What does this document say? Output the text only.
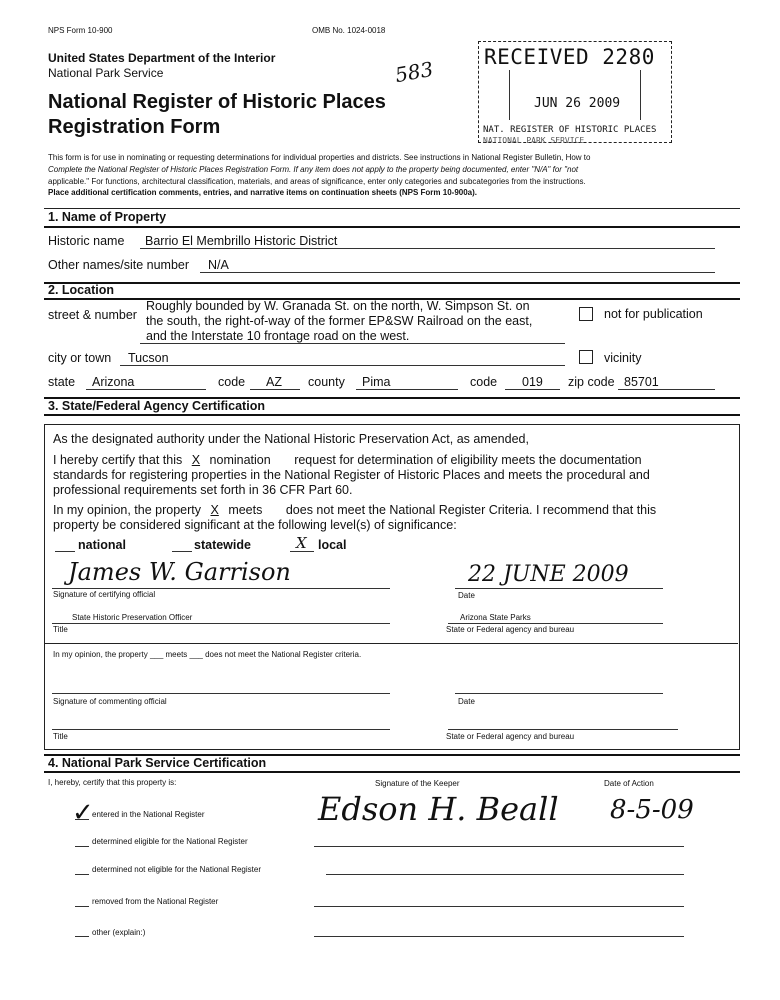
NPS Form 10-900	OMB No. 1024-0018
United States Department of the Interior
National Park Service
National Register of Historic Places
Registration Form
583 RECEIVED 2280
JUN 26 2009
NAT. REGISTER OF HISTORIC PLACES
NATIONAL PARK SERVICE
This form is for use in nominating or requesting determinations for individual properties and districts. See instructions in National Register Bulletin, How to
Complete the National Register of Historic Places Registration Form. If any item does not apply to the property being documented, enter "N/A" for "not
applicable." For functions, architectural classification, materials, and areas of significance, enter only categories and subcategories from the instructions.
Place additional certification comments, entries, and narrative items on continuation sheets (NPS Form 10-900a).
1. Name of Property
Historic name Barrio El Membrillo Historic District
Other names/site number N/A
2. Location
street & number
Roughly bounded by W. Granada St. on the north, W. Simpson St. on
the south, the right-of-way of the former EP&SW Railroad on the east,
and the Interstate 10 frontage road on the west.
not for publication
city or town Tucson	vicinity
state Arizona	code AZ county Pima	code 019 zip code 85701
3. State/Federal Agency Certification
As the designated authority under the National Historic Preservation Act, as amended,
I hereby certify that this X nomination request for determination of eligibility meets the documentation
standards for registering properties in the National Register of Historic Places and meets the procedural and
professional requirements set forth in 36 CFR Part 60.
In my opinion, the property X meets does not meet the National Register Criteria. I recommend that this
property be considered significant at the following level(s) of significance:
national	statewide	X local
James W. Garrison
Signature of certifying official
22 JUNE 2009
Date
State Historic Preservation Officer
Title
Arizona State Parks
State or Federal agency and bureau
In my opinion, the property ___ meets ___ does not meet the National Register criteria.
Signature of commenting official	Date
Title	State or Federal agency and bureau
4. National Park Service Certification
I, hereby, certify that this property is:	Signature of the Keeper	Date of Action
Edson H. Beall 8-5-09
✓
entered in the National Register
determined eligible for the National Register
determined not eligible for the National Register
removed from the National Register
other (explain:)
